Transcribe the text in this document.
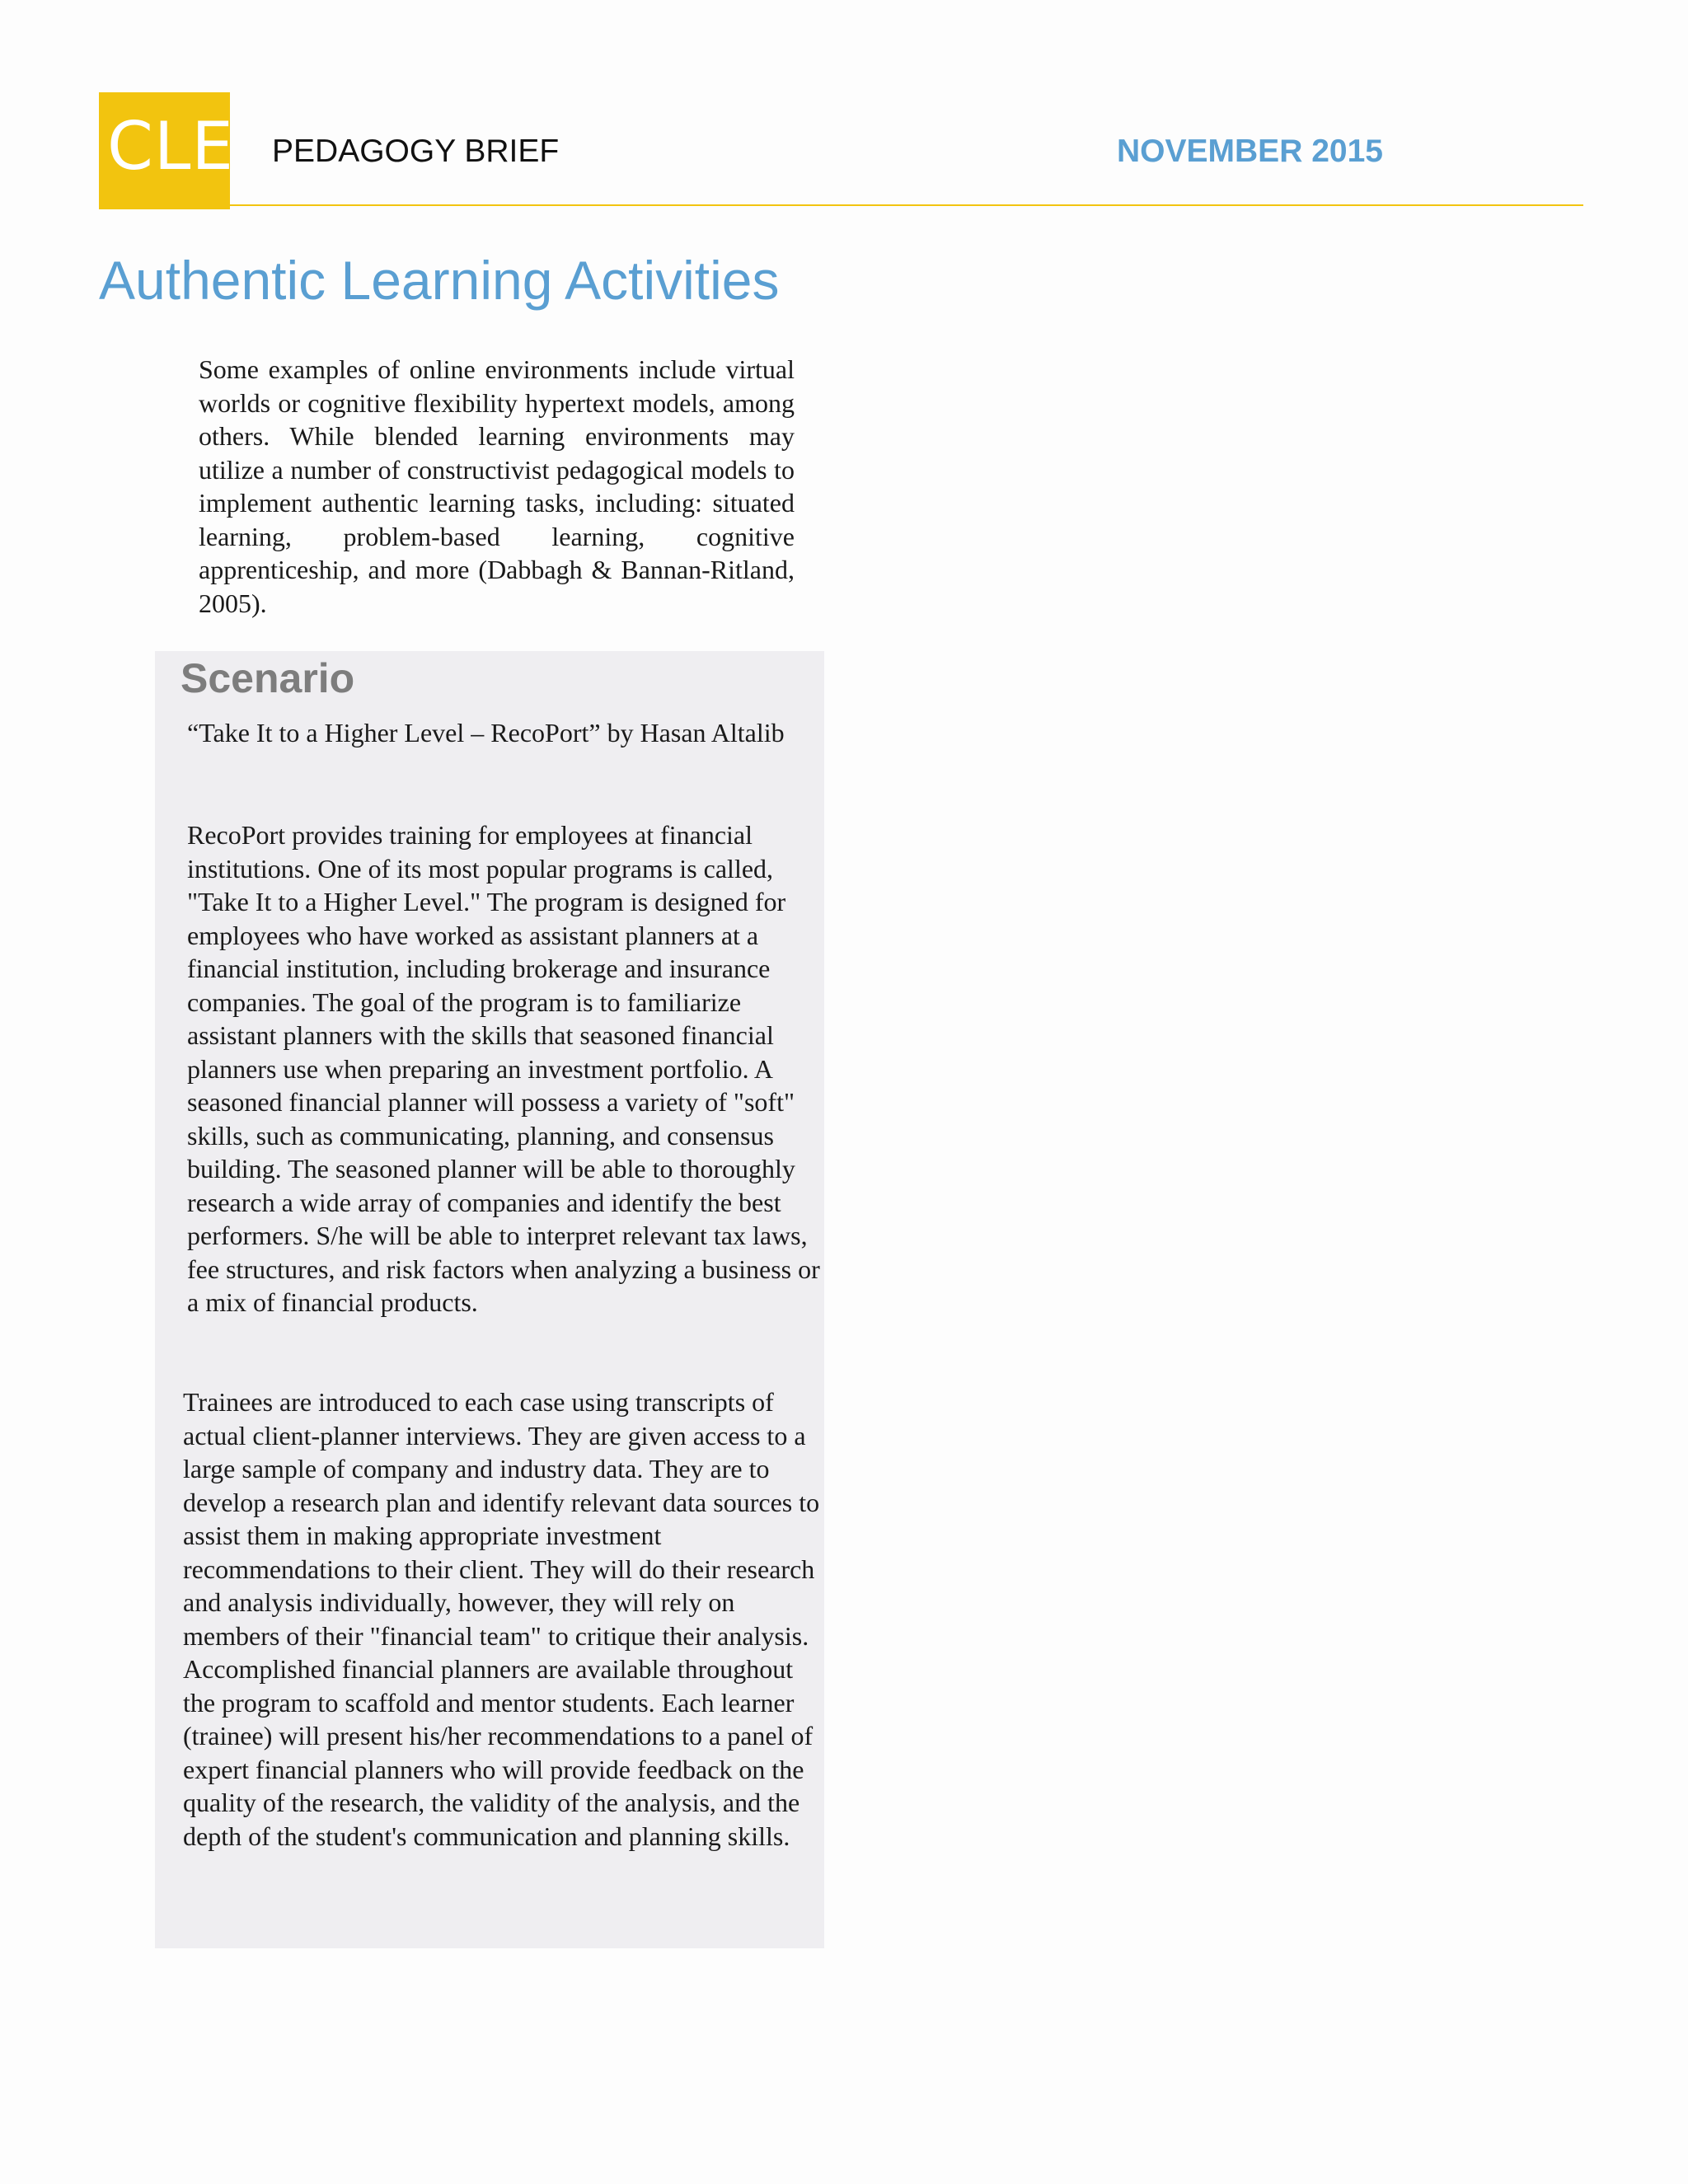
CLE PEDAGOGY BRIEF	NOVEMBER 2015
Authentic Learning Activities

Some examples of online environments include virtual worlds or cognitive flexibility hypertext models, among others. While blended learning environments may utilize a number of constructivist pedagogical models to implement authentic learning tasks, including: situated learning, problem-based learning, cognitive apprenticeship, and more (Dabbagh & Bannan-Ritland, 2005).

Scenario

“Take It to a Higher Level – RecoPort” by Hasan Altalib

RecoPort provides training for employees at financial institutions. One of its most popular programs is called, "Take It to a Higher Level." The program is designed for employees who have worked as assistant planners at a financial institution, including brokerage and insurance companies. The goal of the program is to familiarize assistant planners with the skills that seasoned financial planners use when preparing an investment portfolio. A seasoned financial planner will possess a variety of "soft" skills, such as communicating, planning, and consensus building. The seasoned planner will be able to thoroughly research a wide array of companies and identify the best performers. S/he will be able to interpret relevant tax laws, fee structures, and risk factors when analyzing a business or a mix of financial products.

Trainees are introduced to each case using transcripts of actual client-planner interviews. They are given access to a large sample of company and industry data. They are to develop a research plan and identify relevant data sources to assist them in making appropriate investment recommendations to their client. They will do their research and analysis individually, however, they will rely on members of their "financial team" to critique their analysis. Accomplished financial planners are available throughout the program to scaffold and mentor students. Each learner (trainee) will present his/her recommendations to a panel of expert financial planners who will provide feedback on the quality of the research, the validity of the analysis, and the depth of the student's communication and planning skills.
